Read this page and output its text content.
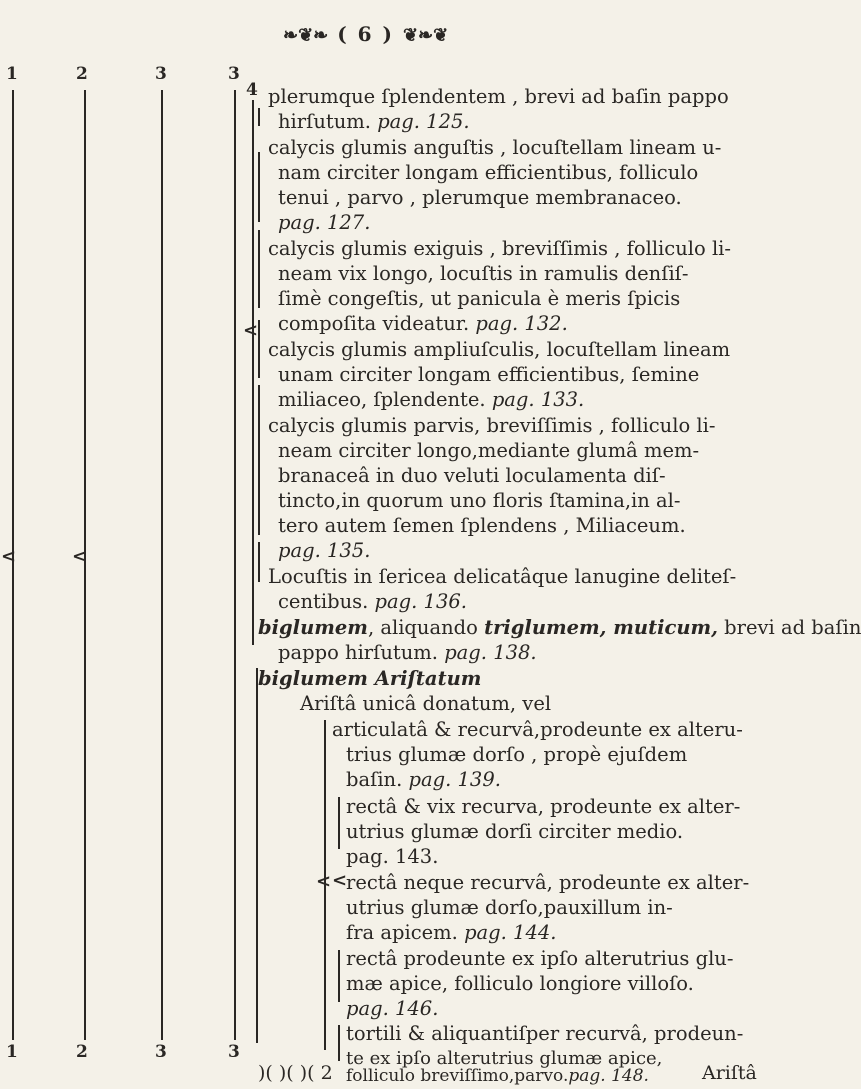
❧❦❧ ( 6 ) ❦❧❦
1
1
<
2
2
<
3
3
3
3
4
<
plerumque ſplendentem , brevi ad baſin pappo
hirſutum. pag. 125.
calycis glumis anguſtis , locuſtellam lineam u-
nam circiter longam efficientibus, folliculo
tenui , parvo , plerumque membranaceo.
pag. 127.
calycis glumis exiguis , breviſſimis , folliculo li-
neam vix longo, locuſtis in ramulis denſiſ-
ſimè congeſtis, ut panicula è meris ſpicis
compoſita videatur. pag. 132.
calycis glumis ampliuſculis, locuſtellam lineam
unam circiter longam efficientibus, ſemine
miliaceo, ſplendente. pag. 133.
calycis glumis parvis, breviſſimis , folliculo li-
neam circiter longo,mediante glumâ mem-
branaceâ in duo veluti loculamenta diſ-
tincto,in quorum uno floris ſtamina,in al-
tero autem ſemen ſplendens , Miliaceum.
pag. 135.
Locuſtis in ſericea delicatâque lanugine delitеſ-
centibus. pag. 136.
biglumem, aliquando triglumem, muticum, brevi ad baſin
pappo hirſutum. pag. 138.
biglumem Ariſtatum
Ariſtâ unicâ donatum, vel
<
articulatâ & recurvâ,prodeunte ex alteru-
trius glumæ dorſo , propè ejuſdem
baſin. pag. 139.
rectâ & vix recurva, prodeunte ex alter-
utrius glumæ dorſi circiter medio.
pag. 143.
<
rectâ neque recurvâ, prodeunte ex alter-
utrius glumæ dorſo,pauxillum in-
fra apicem. pag. 144.
rectâ prodeunte ex ipſo alterutrius glu-
mæ apice, folliculo longiore villoſo.
pag. 146.
tortili & aliquantiſper recurvâ, prodeun-
te ex ipſo alterutrius glumæ apice,
folliculo breviſſimo,parvo.pag. 148.
)( )( )( 2	Ariſtâ
